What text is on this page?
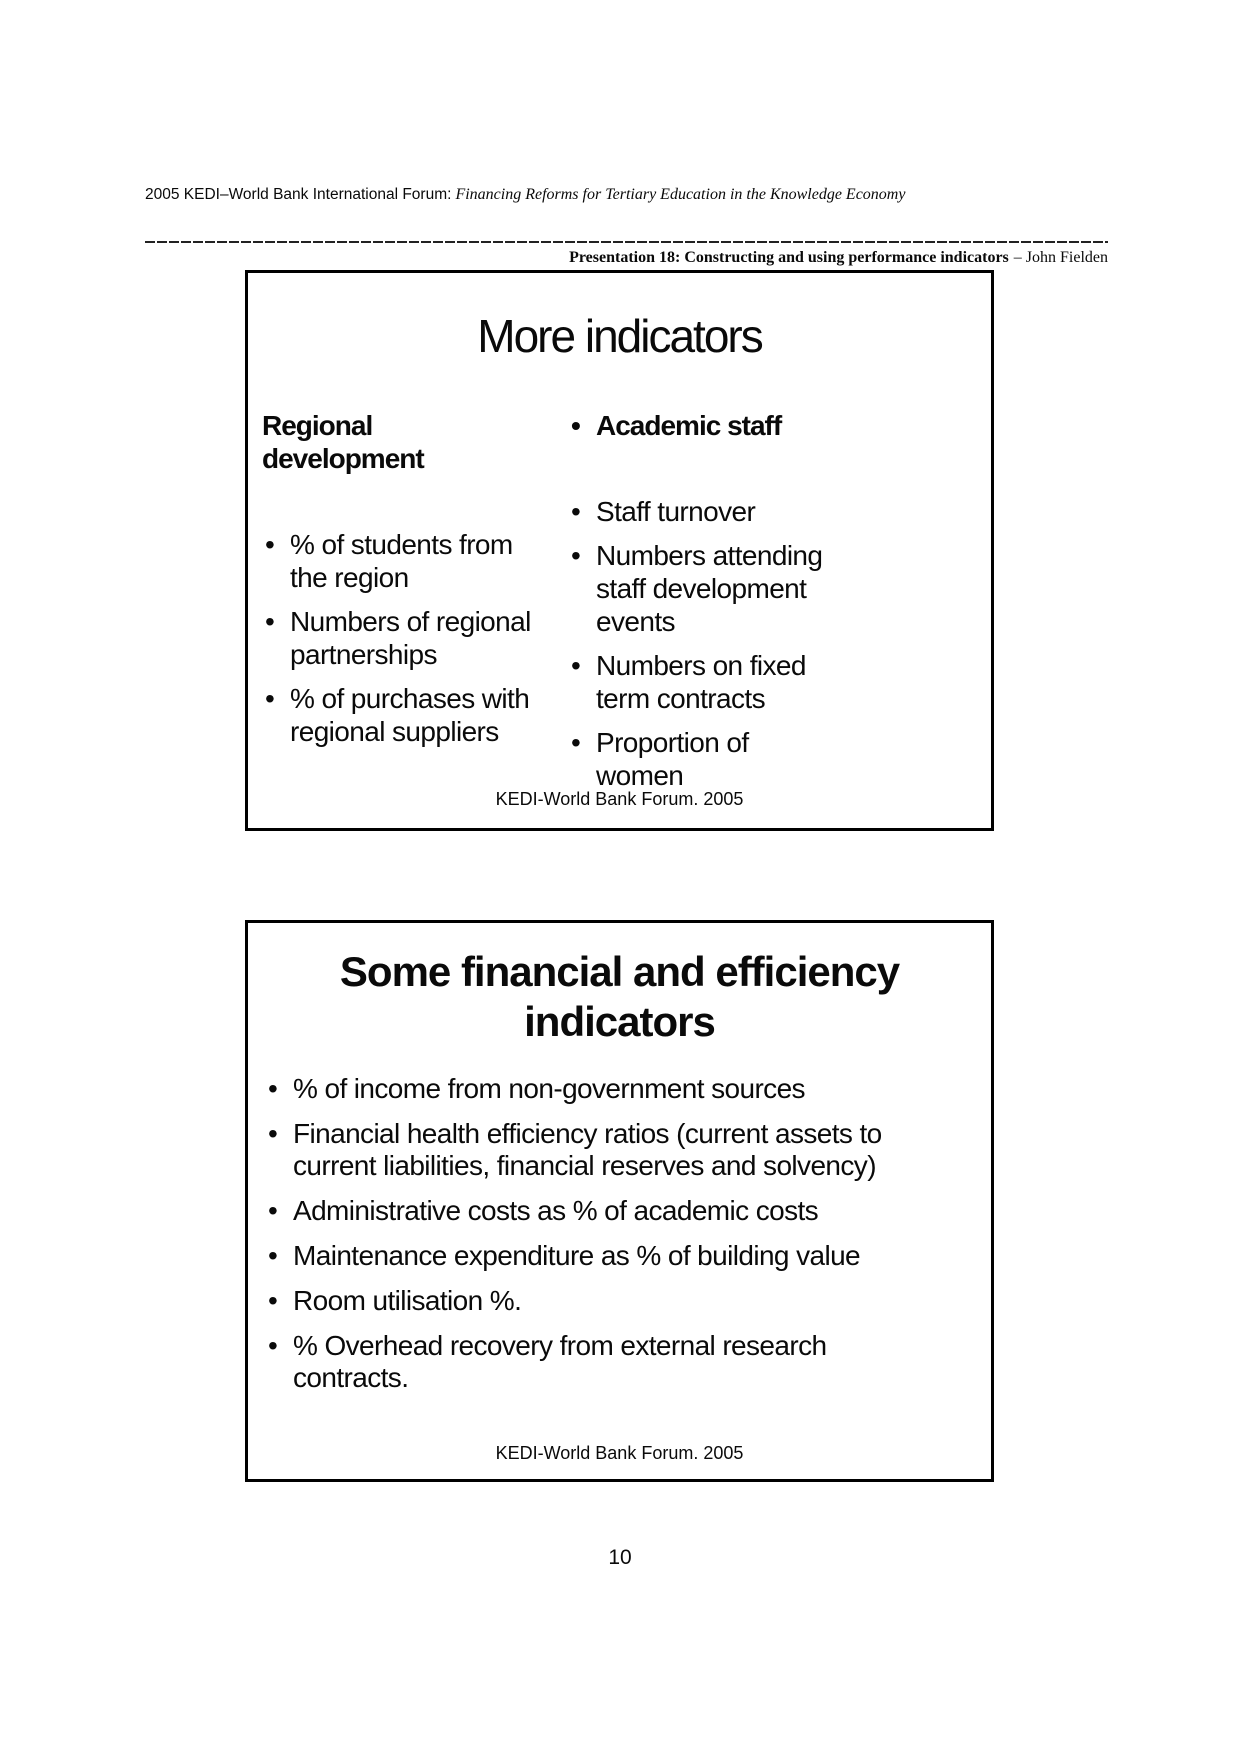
2005 KEDI–World Bank International Forum: Financing Reforms for Tertiary Education in the Knowledge Economy
Presentation 18: Constructing and using performance indicators – John Fielden
More indicators
Regional development
• % of students from the region
• Numbers of regional partnerships
• % of purchases with regional suppliers
• Academic staff
• Staff turnover
• Numbers attending staff development events
• Numbers on fixed term contracts
• Proportion of women
KEDI-World Bank Forum. 2005
Some financial and efficiency indicators
• % of income from non-government sources
• Financial health efficiency ratios (current assets to current liabilities, financial reserves and solvency)
• Administrative costs as % of academic costs
• Maintenance expenditure as % of building value
• Room utilisation %.
• % Overhead recovery from external research contracts.
KEDI-World Bank Forum. 2005
10
